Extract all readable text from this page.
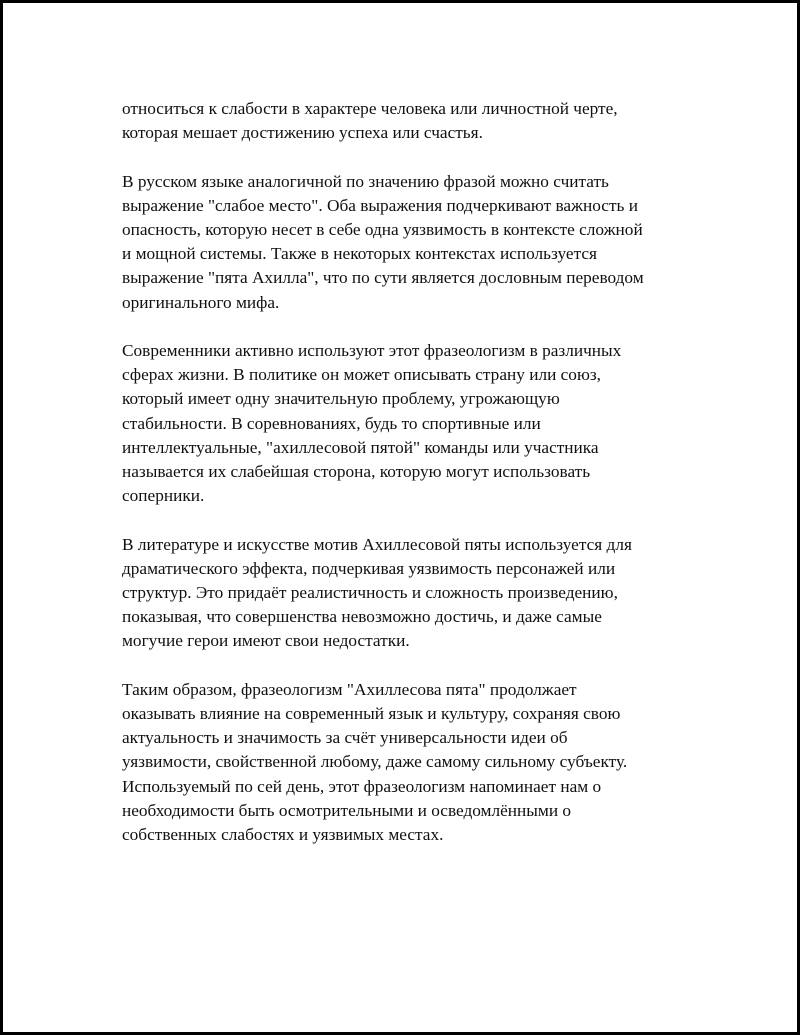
относиться к слабости в характере человека или личностной черте,
которая мешает достижению успеха или счастья.

В русском языке аналогичной по значению фразой можно считать
выражение "слабое место". Оба выражения подчеркивают важность и
опасность, которую несет в себе одна уязвимость в контексте сложной
и мощной системы. Также в некоторых контекстах используется
выражение "пята Ахилла", что по сути является дословным переводом
оригинального мифа.

Современники активно используют этот фразеологизм в различных
сферах жизни. В политике он может описывать страну или союз,
который имеет одну значительную проблему, угрожающую
стабильности. В соревнованиях, будь то спортивные или
интеллектуальные, "ахиллесовой пятой" команды или участника
называется их слабейшая сторона, которую могут использовать
соперники.

В литературе и искусстве мотив Ахиллесовой пяты используется для
драматического эффекта, подчеркивая уязвимость персонажей или
структур. Это придаёт реалистичность и сложность произведению,
показывая, что совершенства невозможно достичь, и даже самые
могучие герои имеют свои недостатки.

Таким образом, фразеологизм "Ахиллесова пята" продолжает
оказывать влияние на современный язык и культуру, сохраняя свою
актуальность и значимость за счёт универсальности идеи об
уязвимости, свойственной любому, даже самому сильному субъекту.
Используемый по сей день, этот фразеологизм напоминает нам о
необходимости быть осмотрительными и осведомлёнными о
собственных слабостях и уязвимых местах.
